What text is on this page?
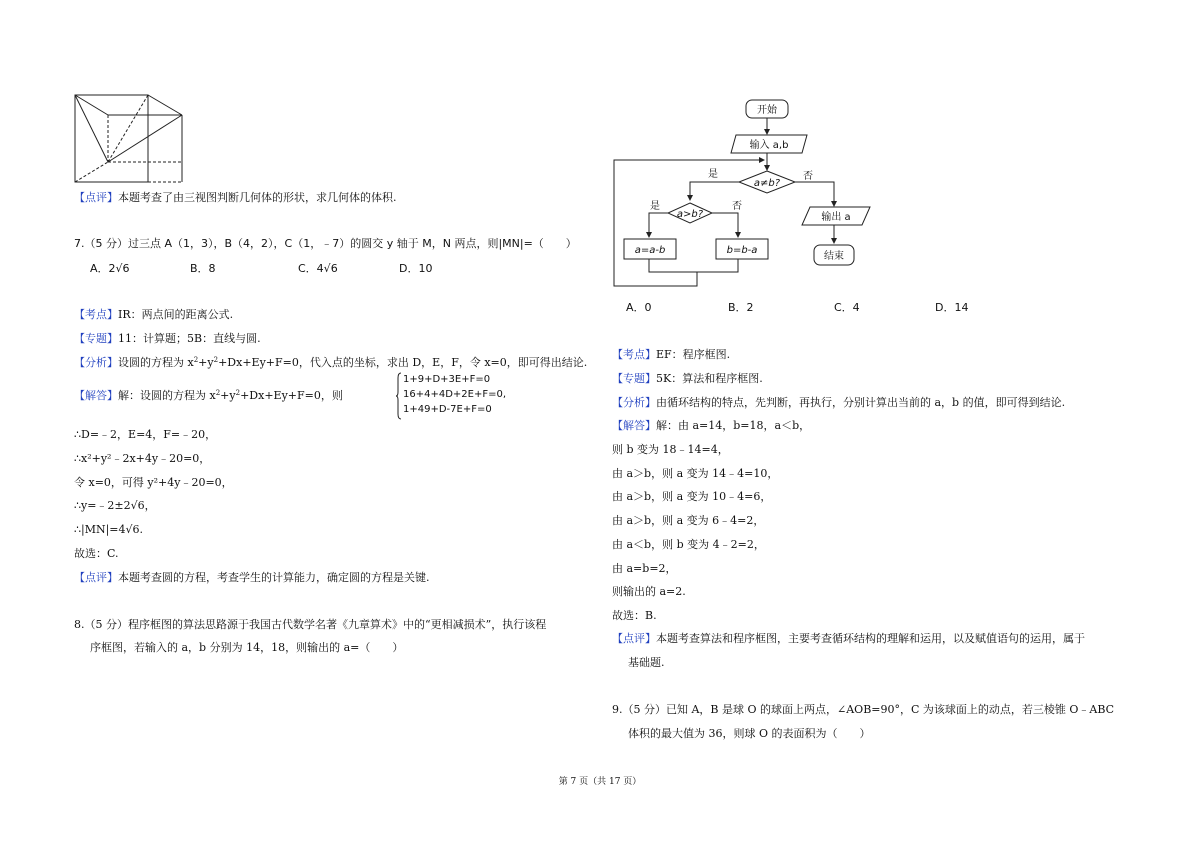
【点评】本题考查了由三视图判断几何体的形状，求几何体的体积.
7.（5 分）过三点 A（1，3），B（4，2），C（1，﹣7）的圆交 y 轴于 M，N 两点，则|MN|=（　　）
A．2√6	B．8	C．4√6	D．10
【考点】IR：两点间的距离公式.
【专题】11：计算题；5B：直线与圆.
【分析】设圆的方程为 $x^2+y^2+Dx+Ey+F=0$，代入点的坐标，求出 D，E，F，令 x=0，即可得出结论.
【解答】解：设圆的方程为 $x^2+y^2+Dx+Ey+F=0$，则
1+9+D+3E+F=0
16+4+4D+2E+F=0,
1+49+D-7E+F=0
∴D=﹣2，E=4，F=﹣20，
∴x²+y²﹣2x+4y﹣20=0，
令 x=0，可得 y²+4y﹣20=0，
∴y=﹣2±2√6，
∴|MN|=4√6.
故选：C.
【点评】本题考查圆的方程，考查学生的计算能力，确定圆的方程是关键.
8.（5 分）程序框图的算法思路源于我国古代数学名著《九章算术》中的“更相减损术”，执行该程
序框图，若输入的 a，b 分别为 14，18，则输出的 a=（　　）
开始
输入 a,b
a≠b?
是	否
a>b?
是	否
a=a-b	b=b-a
输出 a
结束
A．0	B．2	C．4	D．14
【考点】EF：程序框图.
【专题】5K：算法和程序框图.
【分析】由循环结构的特点，先判断，再执行，分别计算出当前的 a，b 的值，即可得到结论.
【解答】解：由 a=14，b=18，a＜b，
则 b 变为 18﹣14=4，
由 a＞b，则 a 变为 14﹣4=10，
由 a＞b，则 a 变为 10﹣4=6，
由 a＞b，则 a 变为 6﹣4=2，
由 a＜b，则 b 变为 4﹣2=2，
由 a=b=2，
则输出的 a=2.
故选：B.
【点评】本题考查算法和程序框图，主要考查循环结构的理解和运用，以及赋值语句的运用，属于
基础题.
9.（5 分）已知 A，B 是球 O 的球面上两点，∠AOB=90°，C 为该球面上的动点，若三棱锥 O﹣ABC
体积的最大值为 36，则球 O 的表面积为（　　）
第 7 页（共 17 页）
